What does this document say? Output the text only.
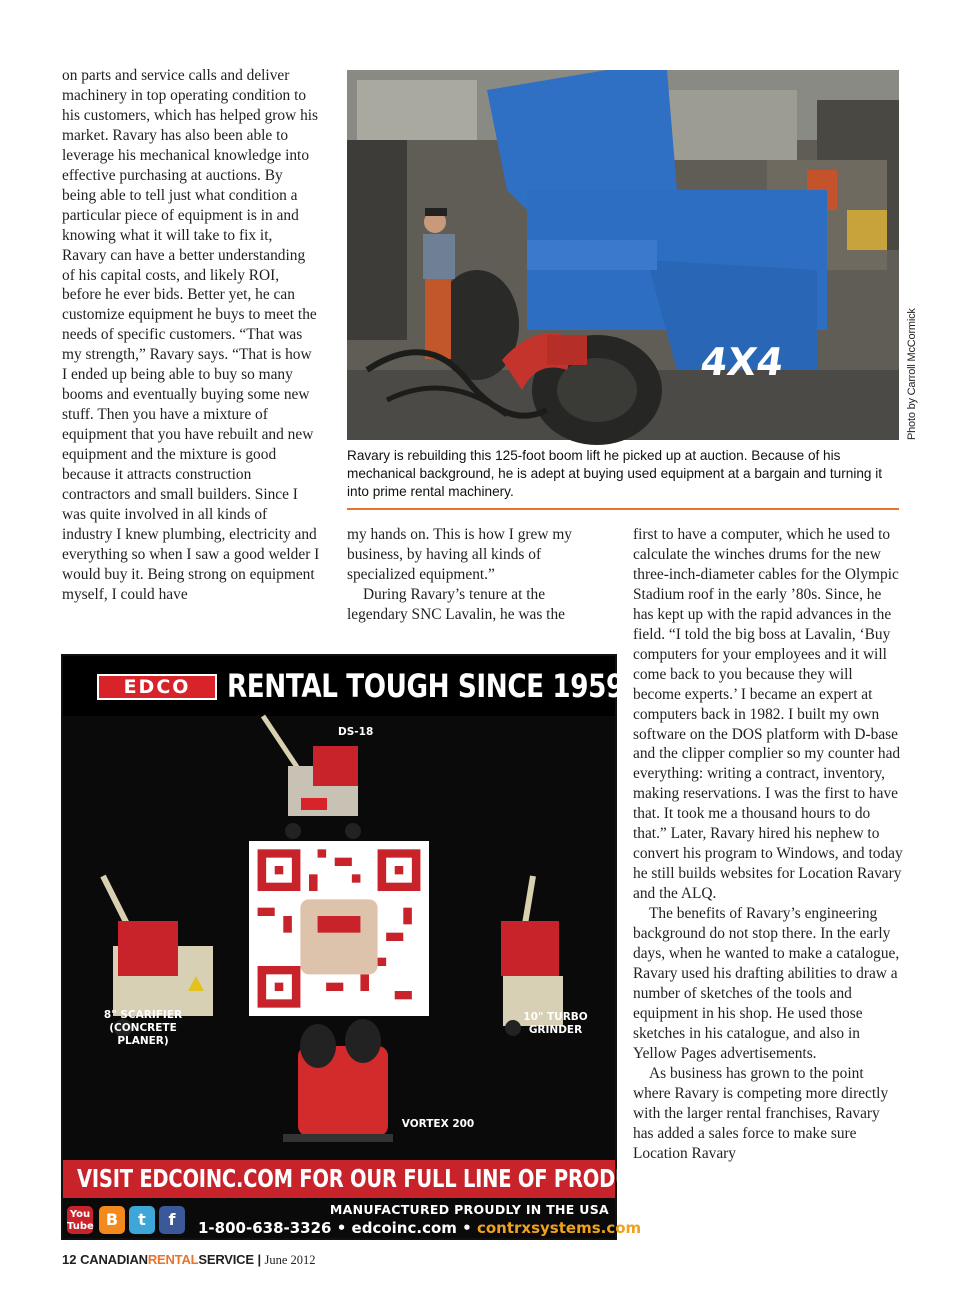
on parts and service calls and deliver machinery in top operating condition to his customers, which has helped grow his market. Ravary has also been able to leverage his mechanical knowledge into effective purchasing at auctions. By being able to tell just what condition a particular piece of equipment is in and knowing what it will take to fix it, Ravary can have a better understanding of his capital costs, and likely ROI, before he ever bids. Better yet, he can customize equipment he buys to meet the needs of specific customers. “That was my strength,” Ravary says. “That is how I ended up being able to buy so many booms and eventually buying some new stuff. Then you have a mixture of equipment that you have rebuilt and new equipment and the mixture is good because it attracts construction contractors and small builders. Since I was quite involved in all kinds of industry I knew plumbing, electricity and everything so when I saw a good welder I would buy it. Being strong on equipment myself, I could have

4X4	Photo by Carroll McCormick
Ravary is rebuilding this 125-foot boom lift he picked up at auction. Because of his mechanical background, he is adept at buying used equipment at a bargain and turning it into prime rental machinery.

my hands on. This is how I grew my business, by having all kinds of specialized equipment.”

During Ravary’s tenure at the legendary SNC Lavalin, he was the

first to have a computer, which he used to calculate the winches drums for the new three-inch-diameter cables for the Olympic Stadium roof in the early ’80s. Since, he has kept up with the rapid advances in the field. “I told the big boss at Lavalin, ‘Buy computers for your employees and it will come back to you because they will become experts.’ I became an expert at computers back in 1982. I built my own software on the DOS platform with D-base and the clipper complier so my counter had everything: writing a contract, inventory, making reservations. I was the first to have that. It took me a thousand hours to do that.” Later, Ravary hired his nephew to convert his program to Windows, and today he still builds websites for Location Ravary and the ALQ.

The benefits of Ravary’s engineering background do not stop there. In the early days, when he wanted to make a catalogue, Ravary used his drafting abilities to draw a number of sketches of the tools and equipment in his shop. He used those sketches in his catalogue, and also in Yellow Pages advertisements.

As business has grown to the point where Ravary is competing more directly with the larger rental franchises, Ravary has added a sales force to make sure Location Ravary

EDCO	RENTAL TOUGH SINCE 1959
DS-18
8" SCARIFIER
(CONCRETE PLANER)
10" TURBO
GRINDER
VORTEX 200
VISIT EDCOINC.COM FOR OUR FULL LINE OF PRODUCTS
You Tube B	t	f
MANUFACTURED PROUDLY IN THE USA
1-800-638-3326 • edcoinc.com • contrxsystems.com
12 CANADIANRENTALSERVICE | June 2012
